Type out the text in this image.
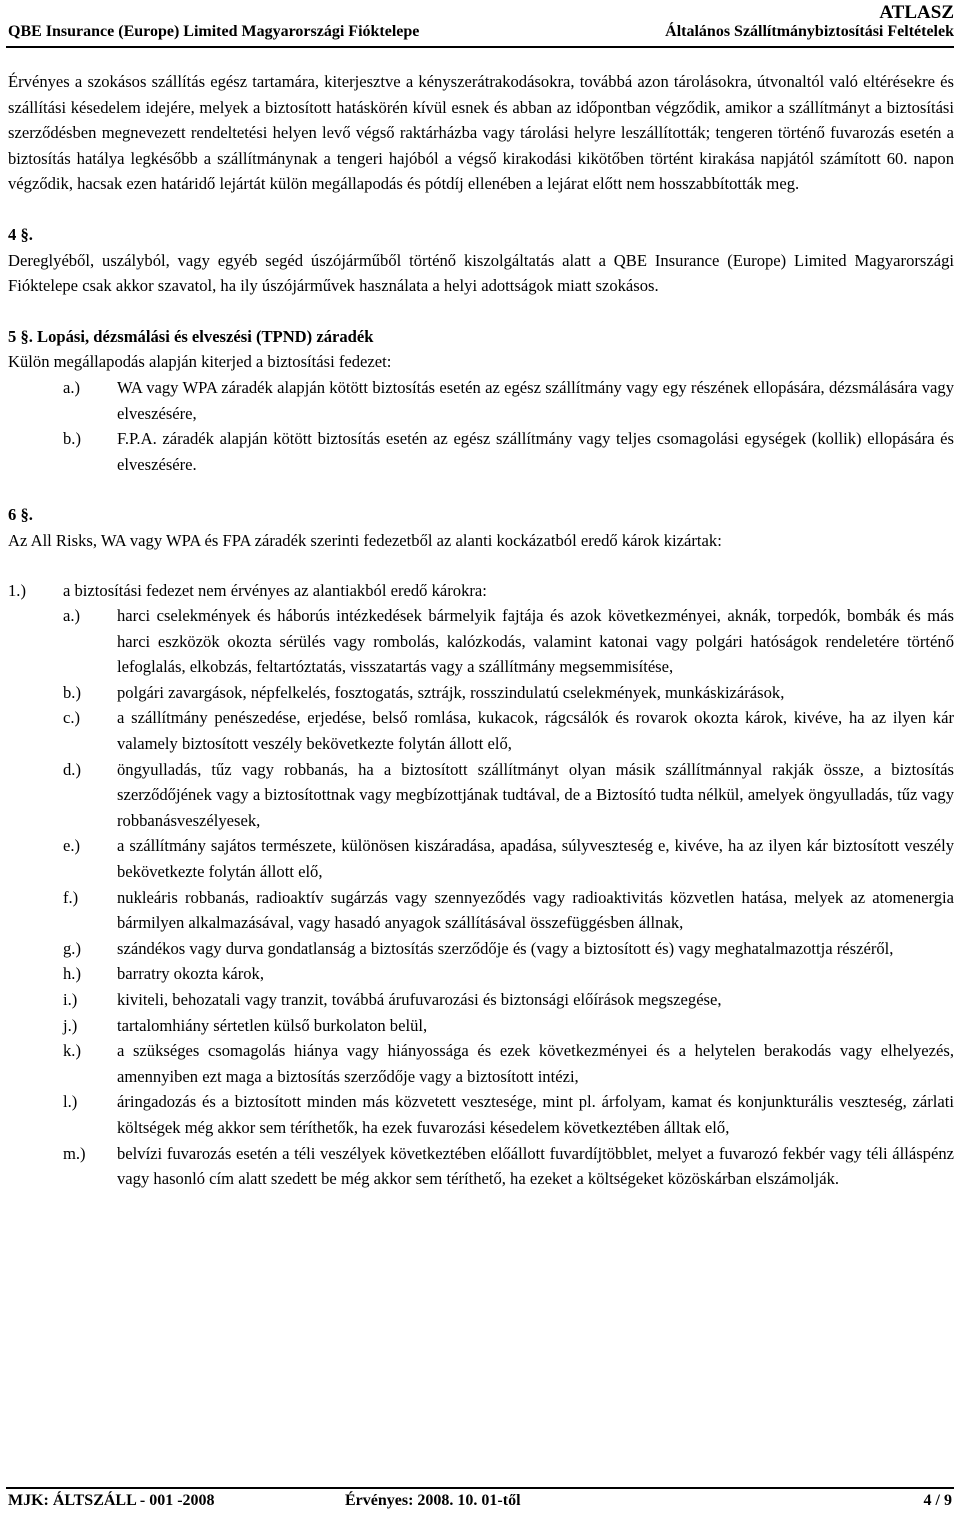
ATLASZ
QBE Insurance (Europe) Limited Magyarországi Fióktelepe	Általános Szállítmánybiztosítási Feltételek

Érvényes a szokásos szállítás egész tartamára, kiterjesztve a kényszerátrakodásokra, továbbá azon tárolásokra, útvonaltól való eltérésekre és szállítási késedelem idejére, melyek a biztosított hatáskörén kívül esnek és abban az időpontban végződik, amikor a szállítmányt a biztosítási szerződésben megnevezett rendeltetési helyen levő végső raktárházba vagy tárolási helyre leszállították; tengeren történő fuvarozás esetén a biztosítás hatálya legkésőbb a szállítmánynak a tengeri hajóból a végső kirakodási kikötőben történt kirakása napjától számított 60. napon végződik, hacsak ezen határidő lejártát külön megállapodás és pótdíj ellenében a lejárat előtt nem hosszabbították meg.

4 §.

Dereglyéből, uszályból, vagy egyéb segéd úszójárműből történő kiszolgáltatás alatt a QBE Insurance (Europe) Limited Magyarországi Fióktelepe csak akkor szavatol, ha ily úszójárművek használata a helyi adottságok miatt szokásos.

5 §. Lopási, dézsmálási és elveszési (TPND) záradék

Külön megállapodás alapján kiterjed a biztosítási fedezet:

a.) WA vagy WPA záradék alapján kötött biztosítás esetén az egész szállítmány vagy egy részének ellopására, dézsmálására vagy elveszésére,
b.) F.P.A. záradék alapján kötött biztosítás esetén az egész szállítmány vagy teljes csomagolási egységek (kollik) ellopására és elveszésére.

6 §.

Az All Risks, WA vagy WPA és FPA záradék szerinti fedezetből az alanti kockázatból eredő károk kizártak:

1.)	a biztosítási fedezet nem érvényes az alantiakból eredő károkra:
a.) harci cselekmények és háborús intézkedések bármelyik fajtája és azok következményei, aknák, torpedók, bombák és más harci eszközök okozta sérülés vagy rombolás, kalózkodás, valamint katonai vagy polgári hatóságok rendeletére történő lefoglalás, elkobzás, feltartóztatás, visszatartás vagy a szállítmány megsemmisítése,
b.) polgári zavargások, népfelkelés, fosztogatás, sztrájk, rosszindulatú cselekmények, munkáskizárások,
c.) a szállítmány penészedése, erjedése, belső romlása, kukacok, rágcsálók és rovarok okozta károk, kivéve, ha az ilyen kár valamely biztosított veszély bekövetkezte folytán állott elő,
d.) öngyulladás, tűz vagy robbanás, ha a biztosított szállítmányt olyan másik szállítmánnyal rakják össze, a biztosítás szerződőjének vagy a biztosítottnak vagy megbízottjának tudtával, de a Biztosító tudta nélkül, amelyek öngyulladás, tűz vagy robbanásveszélyesek,
e.) a szállítmány sajátos természete, különösen kiszáradása, apadása, súlyveszteség e, kivéve, ha az ilyen kár biztosított veszély bekövetkezte folytán állott elő,
f.) nukleáris robbanás, radioaktív sugárzás vagy szennyeződés vagy radioaktivitás közvetlen hatása, melyek az atomenergia bármilyen alkalmazásával, vagy hasadó anyagok szállításával összefüggésben állnak,
g.) szándékos vagy durva gondatlanság a biztosítás szerződője és (vagy a biztosított és) vagy meghatalmazottja részéről,
h.) barratry okozta károk,
i.) kiviteli, behozatali vagy tranzit, továbbá árufuvarozási és biztonsági előírások megszegése,
j.) tartalomhiány sértetlen külső burkolaton belül,
k.) a szükséges csomagolás hiánya vagy hiányossága és ezek következményei és a helytelen berakodás vagy elhelyezés, amennyiben ezt maga a biztosítás szerződője vagy a biztosított intézi,
l.) áringadozás és a biztosított minden más közvetett vesztesége, mint pl. árfolyam, kamat és konjunkturális veszteség, zárlati költségek még akkor sem téríthetők, ha ezek fuvarozási késedelem következtében álltak elő,
m.) belvízi fuvarozás esetén a téli veszélyek következtében előállott fuvardíjtöbblet, melyet a fuvarozó fekbér vagy téli álláspénz vagy hasonló cím alatt szedett be még akkor sem téríthető, ha ezeket a költségeket közöskárban elszámolják.
MJK: ÁLTSZÁLL - 001 -2008	Érvényes: 2008. 10. 01-től	4 / 9
